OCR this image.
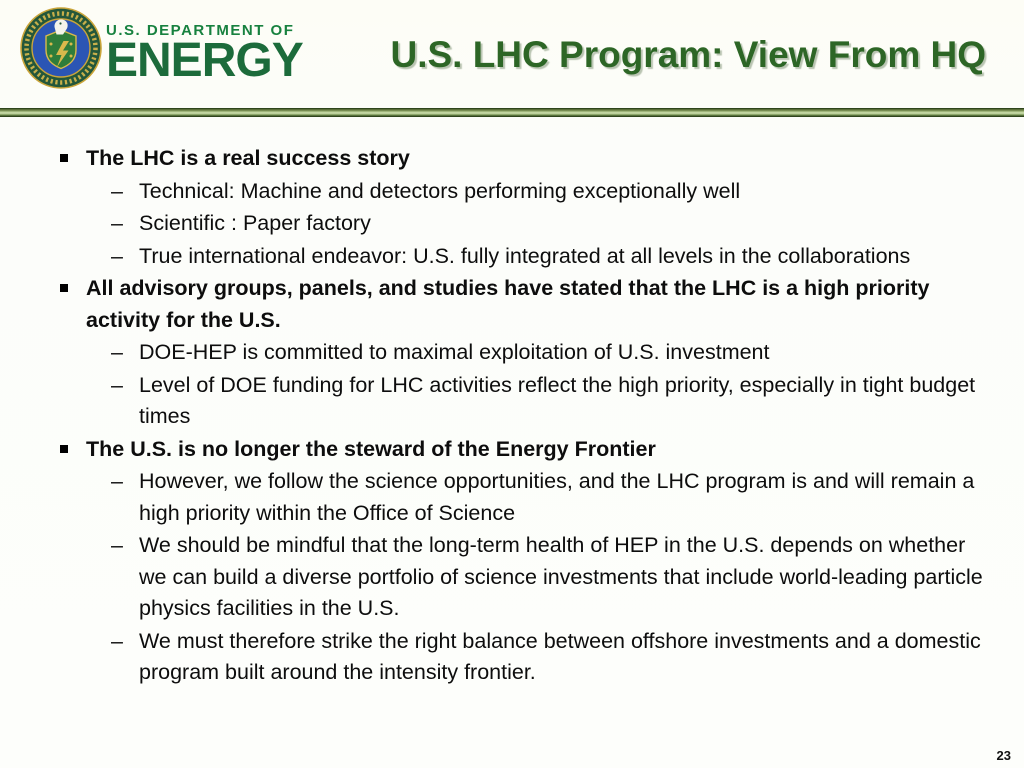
U.S. DEPARTMENT OF
ENERGY U.S. LHC Program: View From HQ
The LHC is a real success story
– Technical: Machine and detectors performing exceptionally well
– Scientific : Paper factory
– True international endeavor: U.S. fully integrated at all levels in the collaborations
All advisory groups, panels, and studies have stated that the LHC is a high priority activity for the U.S.
– DOE-HEP is committed to maximal exploitation of U.S. investment
– Level of DOE funding for LHC activities reflect the high priority, especially in tight budget times
The U.S. is no longer the steward of the Energy Frontier
– However, we follow the science opportunities, and the LHC program is and will remain a high priority within the Office of Science
– We should be mindful that the long-term health of HEP in the U.S. depends on whether we can build a diverse portfolio of science investments that include world-leading particle physics facilities in the U.S.
– We must therefore strike the right balance between offshore investments and a domestic program built around the intensity frontier.
23
